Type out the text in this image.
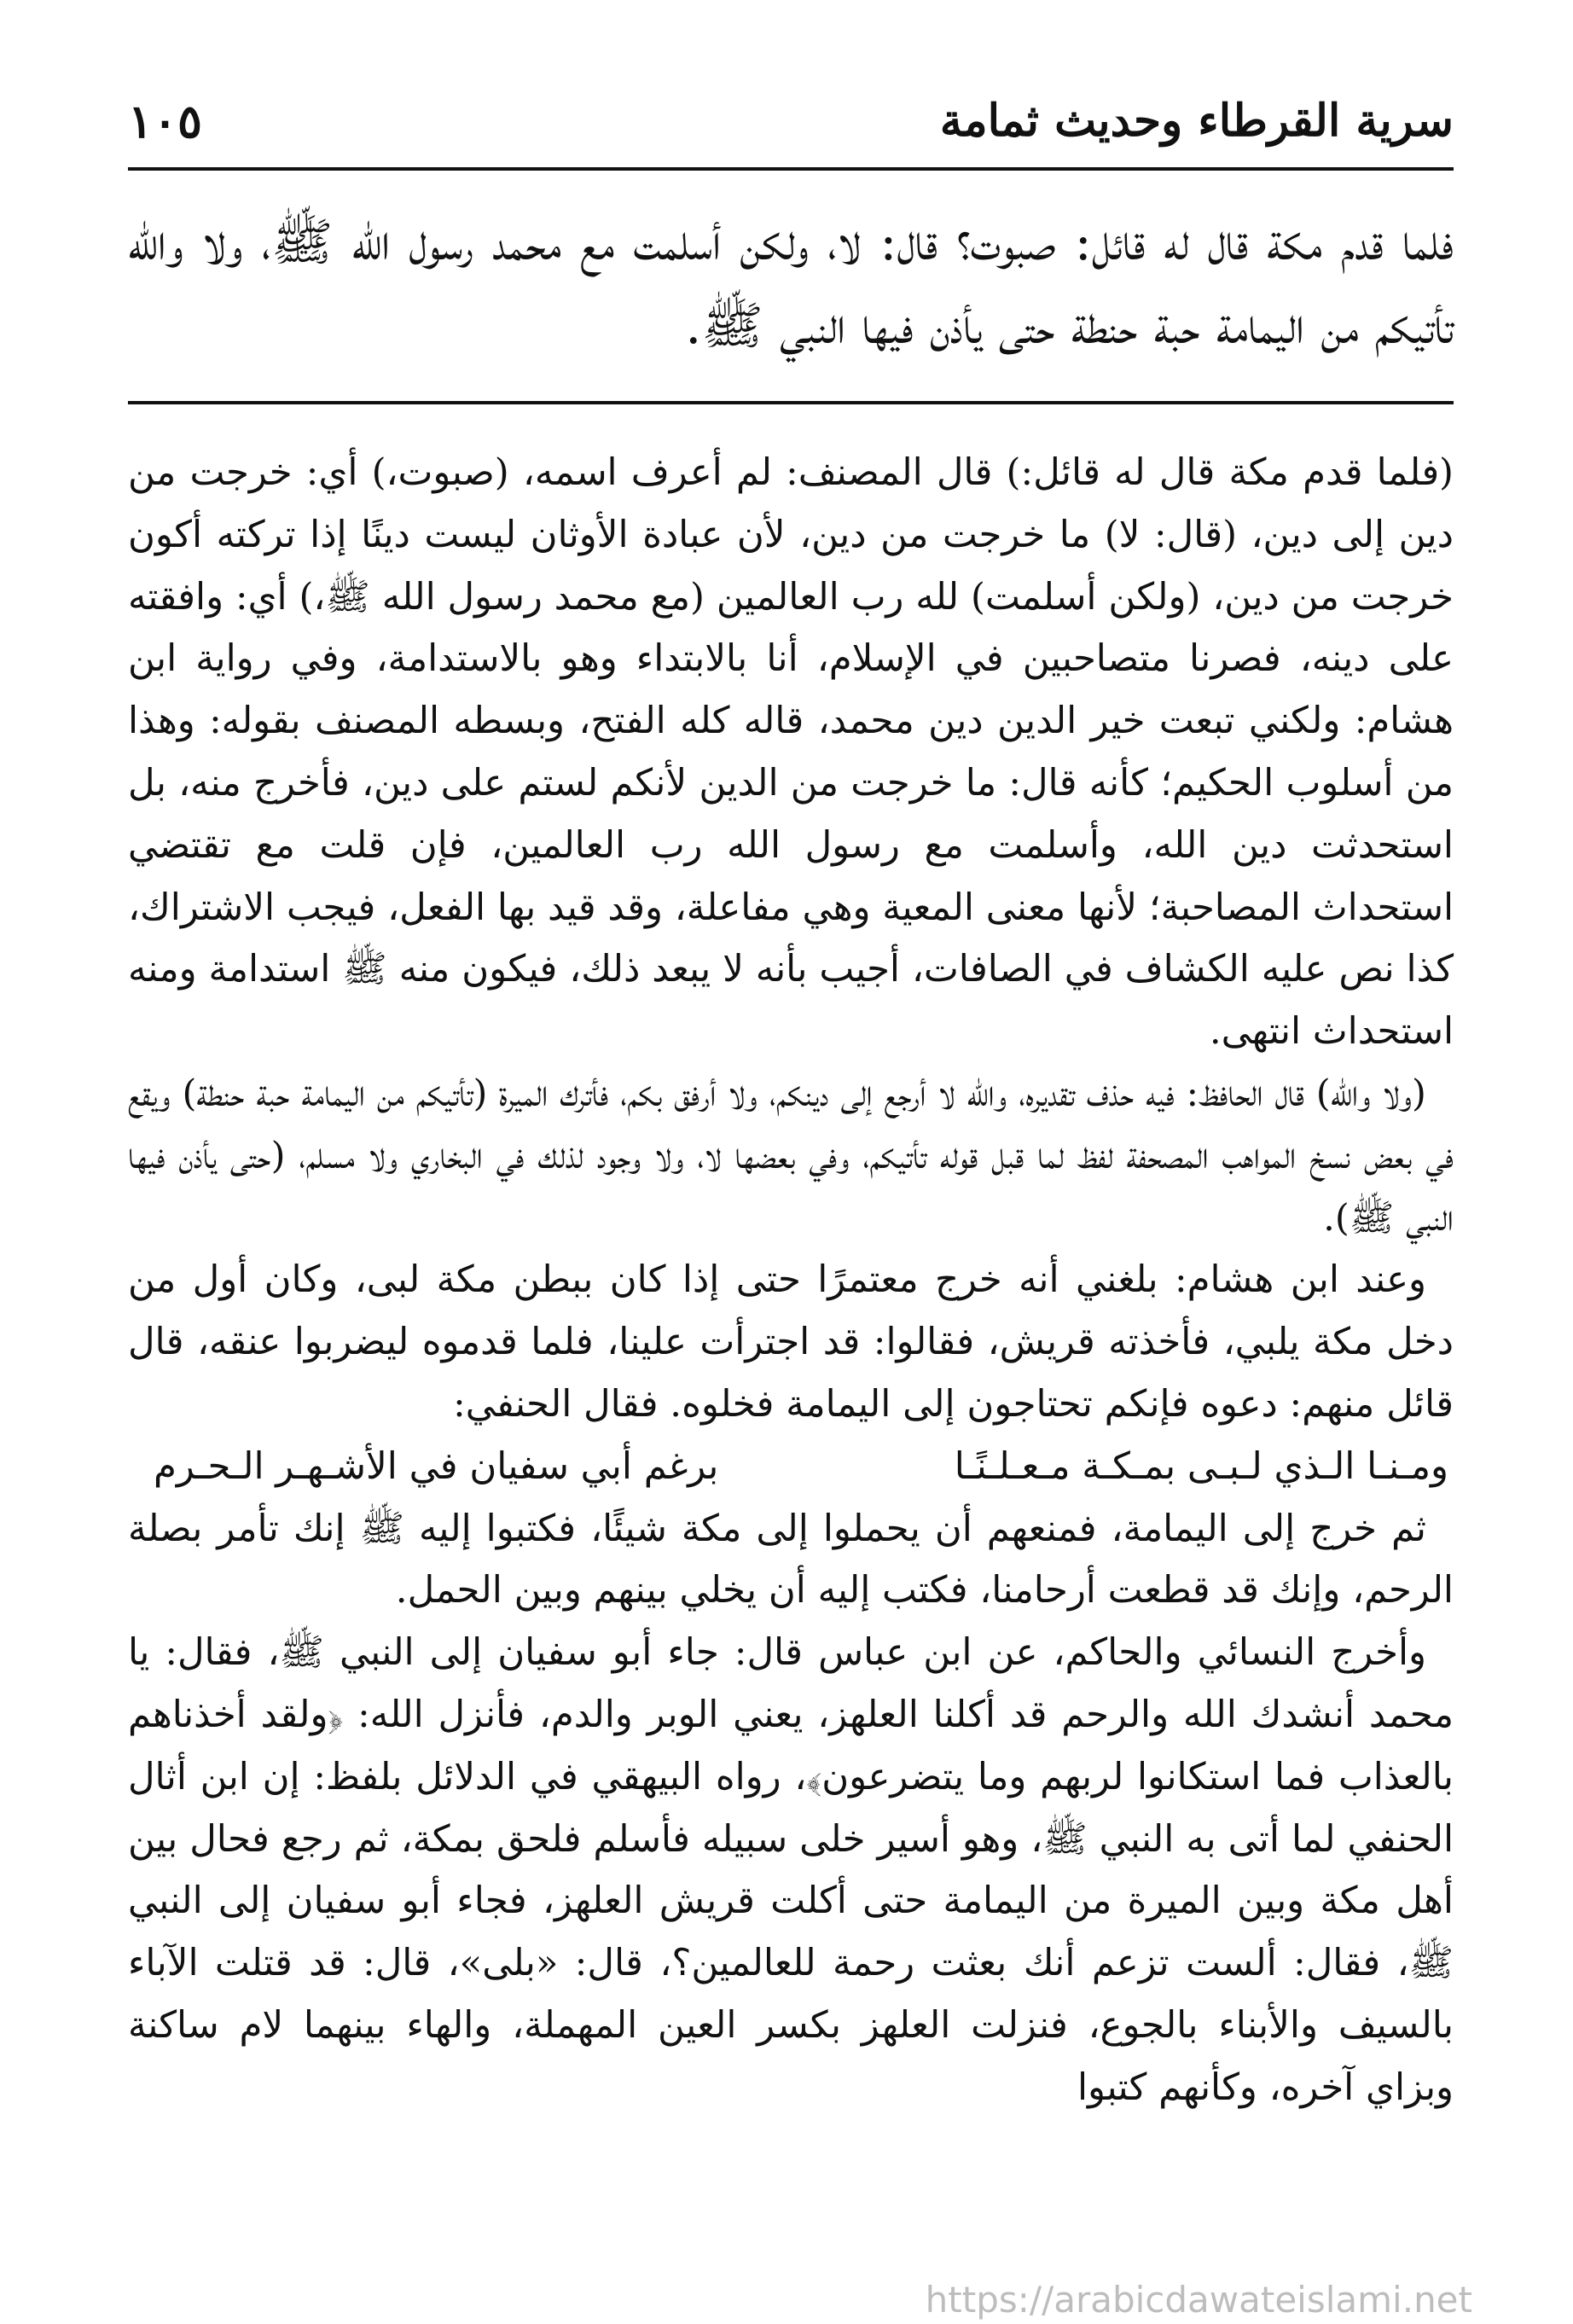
سرية القرطاء وحديث ثمامة
١٠٥
فلما قدم مكة قال له قائل: صبوت؟ قال: لا، ولكن أسلمت مع محمد رسول الله ﷺ، ولا والله تأتيكم من اليمامة حبة حنطة حتى يأذن فيها النبي ﷺ.

(فلما قدم مكة قال له قائل:) قال المصنف: لم أعرف اسمه، (صبوت،) أي: خرجت من دين إلى دين، (قال: لا) ما خرجت من دين، لأن عبادة الأوثان ليست دينًا إذا تركته أكون خرجت من دين، (ولكن أسلمت) لله رب العالمين (مع محمد رسول الله ﷺ،) أي: وافقته على دينه، فصرنا متصاحبين في الإسلام، أنا بالابتداء وهو بالاستدامة، وفي رواية ابن هشام: ولكني تبعت خير الدين دين محمد، قاله كله الفتح، وبسطه المصنف بقوله: وهذا من أسلوب الحكيم؛ كأنه قال: ما خرجت من الدين لأنكم لستم على دين، فأخرج منه، بل استحدثت دين الله، وأسلمت مع رسول الله رب العالمين، فإن قلت مع تقتضي استحداث المصاحبة؛ لأنها معنى المعية وهي مفاعلة، وقد قيد بها الفعل، فيجب الاشتراك، كذا نص عليه الكشاف في الصافات، أجيب بأنه لا يبعد ذلك، فيكون منه ﷺ استدامة ومنه استحداث انتهى.

(ولا والله) قال الحافظ: فيه حذف تقديره، والله لا أرجع إلى دينكم، ولا أرفق بكم، فأترك الميرة (تأتيكم من اليمامة حبة حنطة) ويقع في بعض نسخ المواهب المصحفة لفظ لما قبل قوله تأتيكم، وفي بعضها لا، ولا وجود لذلك في البخاري ولا مسلم، (حتى يأذن فيها النبي ﷺ).

وعند ابن هشام: بلغني أنه خرج معتمرًا حتى إذا كان ببطن مكة لبى، وكان أول من دخل مكة يلبي، فأخذته قريش، فقالوا: قد اجترأت علينا، فلما قدموه ليضربوا عنقه، قال قائل منهم: دعوه فإنكم تحتاجون إلى اليمامة فخلوه. فقال الحنفي:

ومـنـا الـذي لـبـى بمـكـة مـعـلـنًـا
برغم أبي سفيان في الأشـهـر الـحـرم

ثم خرج إلى اليمامة، فمنعهم أن يحملوا إلى مكة شيئًا، فكتبوا إليه ﷺ إنك تأمر بصلة الرحم، وإنك قد قطعت أرحامنا، فكتب إليه أن يخلي بينهم وبين الحمل.

وأخرج النسائي والحاكم، عن ابن عباس قال: جاء أبو سفيان إلى النبي ﷺ، فقال: يا محمد أنشدك الله والرحم قد أكلنا العلهز، يعني الوبر والدم، فأنزل الله: ﴿ولقد أخذناهم بالعذاب فما استكانوا لربهم وما يتضرعون﴾، رواه البيهقي في الدلائل بلفظ: إن ابن أثال الحنفي لما أتى به النبي ﷺ، وهو أسير خلى سبيله فأسلم فلحق بمكة، ثم رجع فحال بين أهل مكة وبين الميرة من اليمامة حتى أكلت قريش العلهز، فجاء أبو سفيان إلى النبي ﷺ، فقال: ألست تزعم أنك بعثت رحمة للعالمين؟، قال: «بلى»، قال: قد قتلت الآباء بالسيف والأبناء بالجوع، فنزلت العلهز بكسر العين المهملة، والهاء بينهما لام ساكنة وبزاي آخره، وكأنهم كتبوا

https://arabicdawateislami.net
